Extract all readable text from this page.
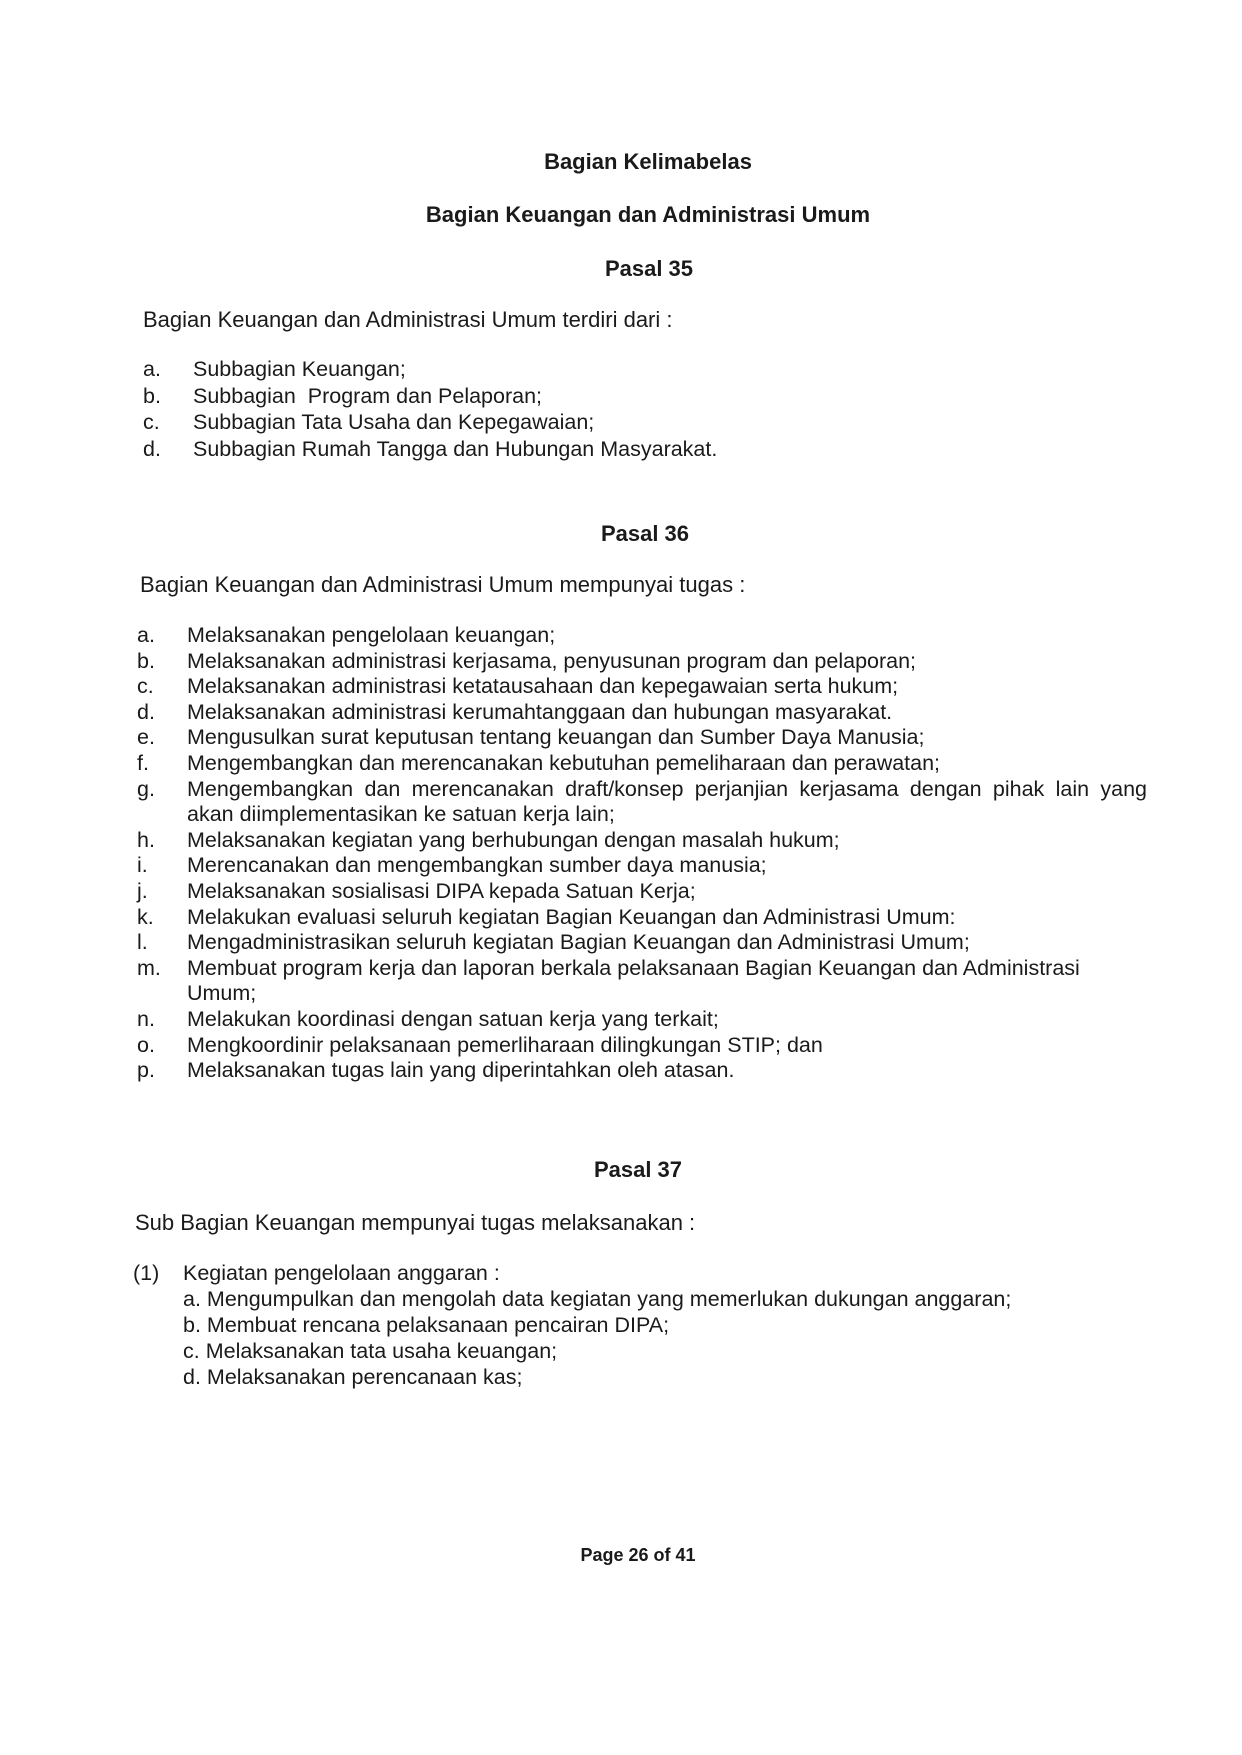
Bagian Kelimabelas
Bagian Keuangan dan Administrasi Umum
Pasal 35

Bagian Keuangan dan Administrasi Umum terdiri dari :

a.	Subbagian Keuangan;
b.	Subbagian  Program dan Pelaporan;
c.	Subbagian Tata Usaha dan Kepegawaian;
d.	Subbagian Rumah Tangga dan Hubungan Masyarakat.
Pasal 36

Bagian Keuangan dan Administrasi Umum mempunyai tugas :

a.	Melaksanakan pengelolaan keuangan;
b.	Melaksanakan administrasi kerjasama, penyusunan program dan pelaporan;
c.	Melaksanakan administrasi ketatausahaan dan kepegawaian serta hukum;
d.	Melaksanakan administrasi kerumahtanggaan dan hubungan masyarakat.
e.	Mengusulkan surat keputusan tentang keuangan dan Sumber Daya Manusia;
f.	Mengembangkan dan merencanakan kebutuhan pemeliharaan dan perawatan;
g.	Mengembangkan dan merencanakan draft/konsep perjanjian kerjasama dengan pihak lain yang akan diimplementasikan ke satuan kerja lain;
h.	Melaksanakan kegiatan yang berhubungan dengan masalah hukum;
i.	Merencanakan dan mengembangkan sumber daya manusia;
j.	Melaksanakan sosialisasi DIPA kepada Satuan Kerja;
k.	Melakukan evaluasi seluruh kegiatan Bagian Keuangan dan Administrasi Umum:
l.	Mengadministrasikan seluruh kegiatan Bagian Keuangan dan Administrasi Umum;
m.	Membuat program kerja dan laporan berkala pelaksanaan Bagian Keuangan dan Administrasi Umum;
n.	Melakukan koordinasi dengan satuan kerja yang terkait;
o.	Mengkoordinir pelaksanaan pemerliharaan dilingkungan STIP; dan
p.	Melaksanakan tugas lain yang diperintahkan oleh atasan.
Pasal 37

Sub Bagian Keuangan mempunyai tugas melaksanakan :

(1)	Kegiatan pengelolaan anggaran :
a. Mengumpulkan dan mengolah data kegiatan yang memerlukan dukungan anggaran;
b. Membuat rencana pelaksanaan pencairan DIPA;
c. Melaksanakan tata usaha keuangan;
d. Melaksanakan perencanaan kas;

Page 26 of 41
